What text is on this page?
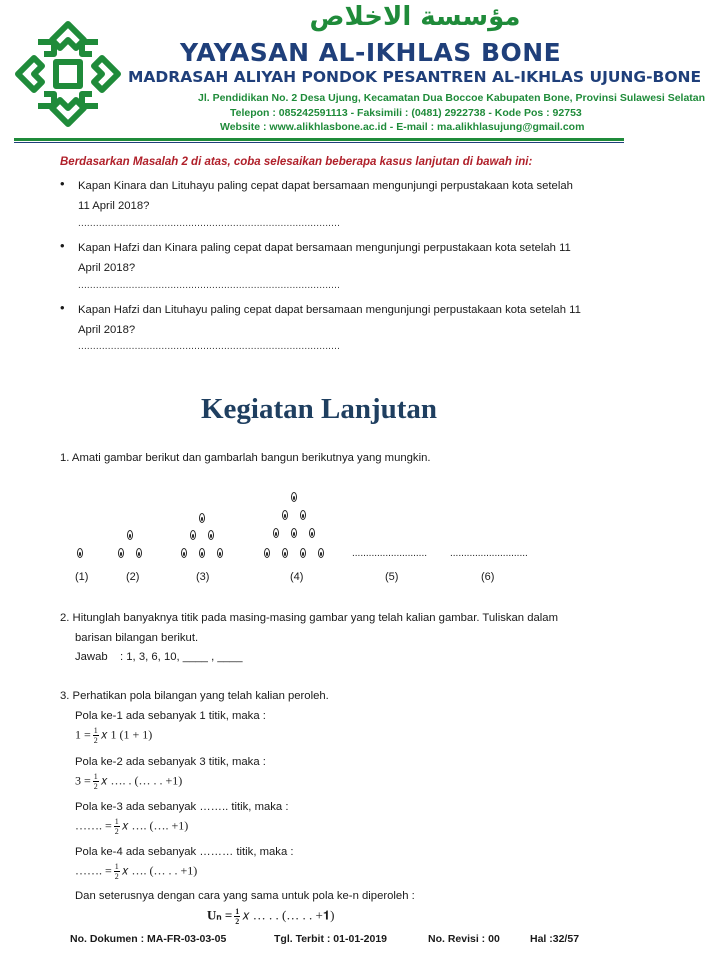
مؤسسة الاخلاص
YAYASAN AL-IKHLAS BONE
MADRASAH ALIYAH PONDOK PESANTREN AL-IKHLAS UJUNG-BONE
Jl. Pendidikan No. 2 Desa Ujung, Kecamatan Dua Boccoe Kabupaten Bone, Provinsi Sulawesi Selatan
Telepon : 085242591113 - Faksimili : (0481) 2922738 - Kode Pos : 92753
Website : www.alikhlasbone.ac.id - E-mail : ma.alikhlasujung@gmail.com
Berdasarkan Masalah 2 di atas, coba selesaikan beberapa kasus lanjutan di bawah ini:
• Kapan Kinara dan Lituhayu paling cepat dapat bersamaan mengunjungi perpustakaan kota setelah
11 April 2018?
........................................................................................
• Kapan Hafzi dan Kinara paling cepat dapat bersamaan mengunjungi perpustakaan kota setelah 11
April 2018?
........................................................................................
• Kapan Hafzi dan Lituhayu paling cepat dapat bersamaan mengunjungi perpustakaan kota setelah 11
April 2018?
........................................................................................
Kegiatan Lanjutan
1. Amati gambar berikut dan gambarlah bangun berikutnya yang mungkin.
........................... ............................
(1)	(2)	(3)	(4)	(5)	(6)
2. Hitunglah banyaknya titik pada masing-masing gambar yang telah kalian gambar. Tuliskan dalam
barisan bilangan berikut.
Jawab : 1, 3, 6, 10, ____ , ____
3. Perhatikan pola bilangan yang telah kalian peroleh.
Pola ke-1 ada sebanyak 1 titik, maka :
$1 = \frac{1}{2}$ 𝑥 1 (1 + 1)
Pola ke-2 ada sebanyak 3 titik, maka :
$3 = \frac{1}{2}$ 𝑥 …. . (… . . +1)
Pola ke-3 ada sebanyak …….. titik, maka :
……. = $\frac{1}{2}$ 𝑥 …. (…. +1)
Pola ke-4 ada sebanyak ……… titik, maka :
……. = $\frac{1}{2}$ 𝑥 …. (… . . +1)
Dan seterusnya dengan cara yang sama untuk pola ke-n diperoleh :
$U_n = \frac{1}{2}$ 𝑥 … . . (… . . +𝟏)
No. Dokumen : MA-FR-03-03-05	Tgl. Terbit : 01-01-2019	No. Revisi : 00	Hal :32/57
